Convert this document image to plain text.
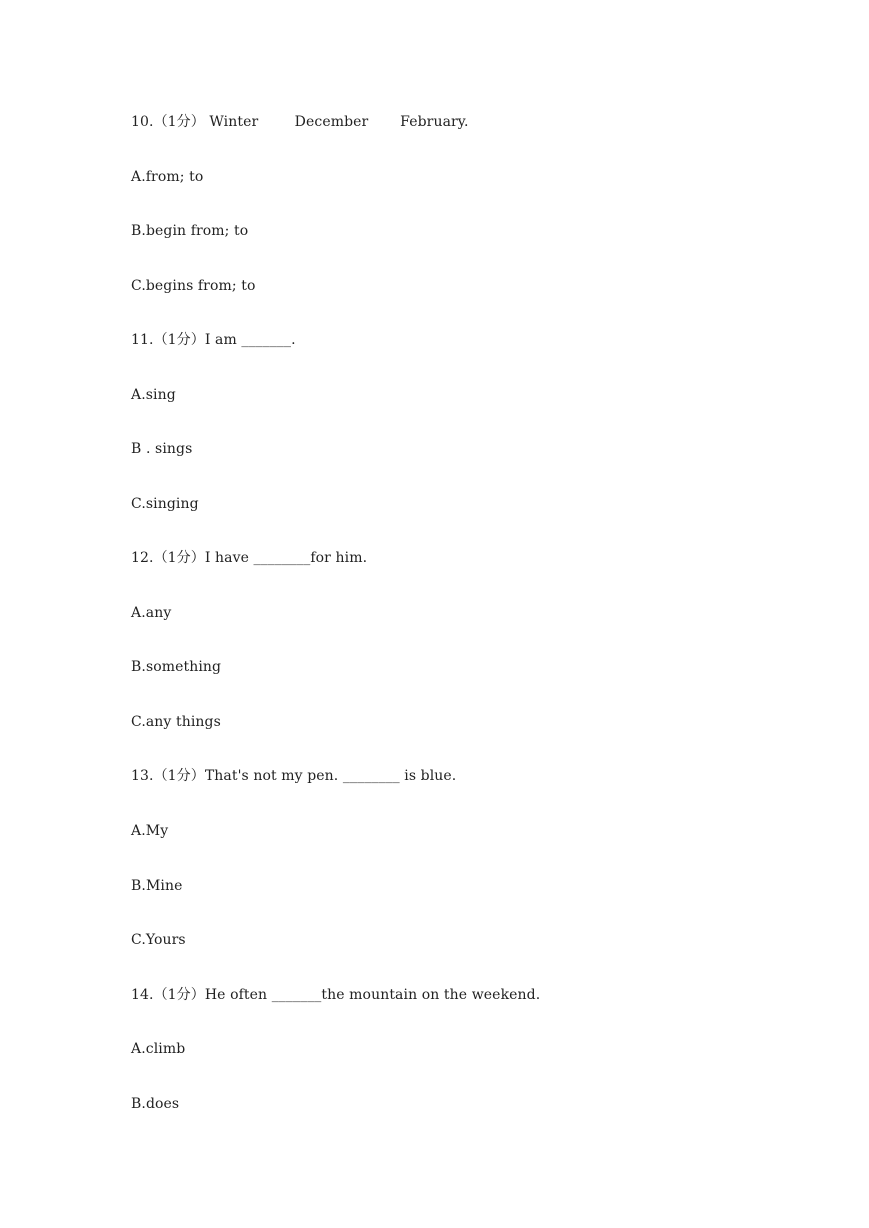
10.（1分） Winter        December       February.
A.from; to
B.begin from; to
C.begins from; to
11.（1分）I am _______.
A.sing
B . sings
C.singing
12.（1分）I have ________for him.
A.any
B.something
C.any things
13.（1分）That's not my pen. ________ is blue.
A.My
B.Mine
C.Yours
14.（1分）He often _______the mountain on the weekend.
A.climb
B.does
